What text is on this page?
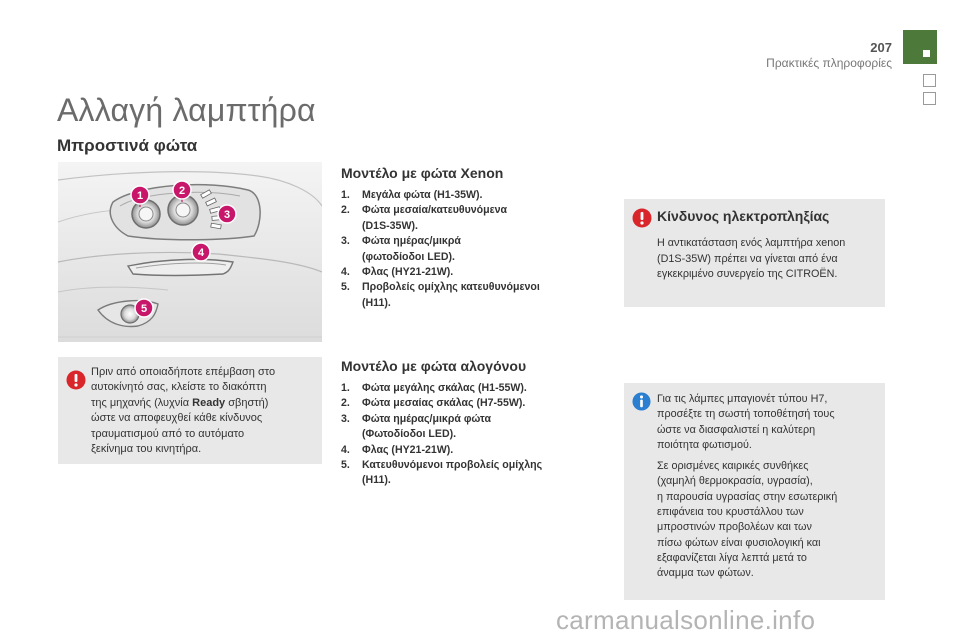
207
Πρακτικές πληροφορίες
Αλλαγή λαμπτήρα
Μπροστινά φώτα
1	2
3
4
5
Πριν από οποιαδήποτε επέμβαση στο
αυτοκίνητό σας, κλείστε το διακόπτη
της μηχανής (λυχνία Ready σβηστή)
ώστε να αποφευχθεί κάθε κίνδυνος
τραυματισμού από το αυτόματο
ξεκίνημα του κινητήρα.
Μοντέλο με φώτα Xenon
1.	Μεγάλα φώτα (H1-35W).
2.	Φώτα μεσαία/κατευθυνόμενα
(D1S-35W).
3.	Φώτα ημέρας/μικρά
(φωτοδίοδοι LED).
4.	Φλας (HY21-21W).
5.	Προβολείς ομίχλης κατευθυνόμενοι
(H11).
Μοντέλο με φώτα αλογόνου
1.	Φώτα μεγάλης σκάλας (H1-55W).
2.	Φώτα μεσαίας σκάλας (H7-55W).
3.	Φώτα ημέρας/μικρά φώτα
(Φωτοδίοδοι LED).
4.	Φλας (HY21-21W).
5.	Κατευθυνόμενοι προβολείς ομίχλης
(H11).
Κίνδυνος ηλεκτροπληξίας
Η αντικατάσταση ενός λαμπτήρα xenon
(D1S-35W) πρέπει να γίνεται από ένα
εγκεκριμένο συνεργείο της CITROËN.

Για τις λάμπες μπαγιονέτ τύπου H7,
προσέξτε τη σωστή τοποθέτησή τους
ώστε να διασφαλιστεί η καλύτερη
ποιότητα φωτισμού.

Σε ορισμένες καιρικές συνθήκες
(χαμηλή θερμοκρασία, υγρασία),
η παρουσία υγρασίας στην εσωτερική
επιφάνεια του κρυστάλλου των
μπροστινών προβολέων και των
πίσω φώτων είναι φυσιολογική και
εξαφανίζεται λίγα λεπτά μετά το
άναμμα των φώτων.

carmanualsonline.info
